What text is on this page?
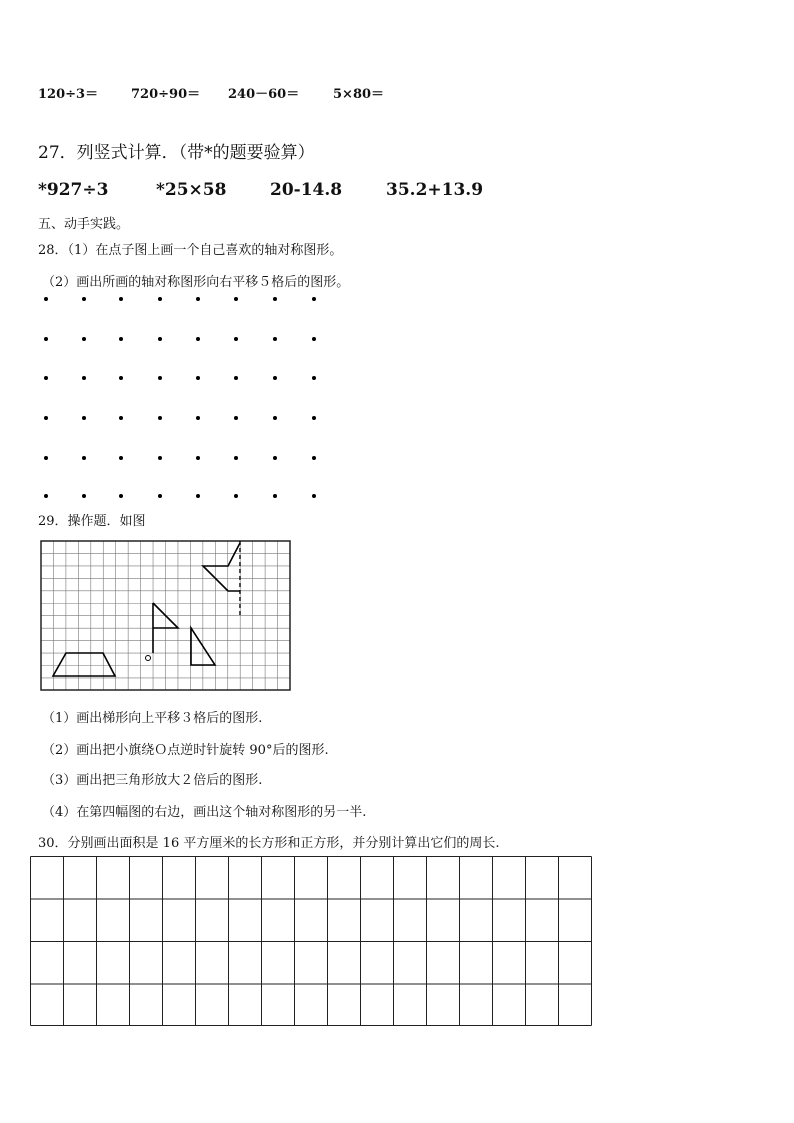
120÷3＝	720÷90＝ 240－60＝	5×80＝
27．列竖式计算．（带*的题要验算）
*927÷3	*25×58	20-14.8	35.2+13.9
五、动手实践。
28．（1）在点子图上画一个自己喜欢的轴对称图形。
（2）画出所画的轴对称图形向右平移５格后的图形。
29．操作题．如图
（1）画出梯形向上平移３格后的图形.
（2）画出把小旗绕Ｏ点逆时针旋转 90°后的图形.
（3）画出把三角形放大２倍后的图形.
（4）在第四幅图的右边，画出这个轴对称图形的另一半.
30．分别画出面积是 16 平方厘米的长方形和正方形，并分别计算出它们的周长.
